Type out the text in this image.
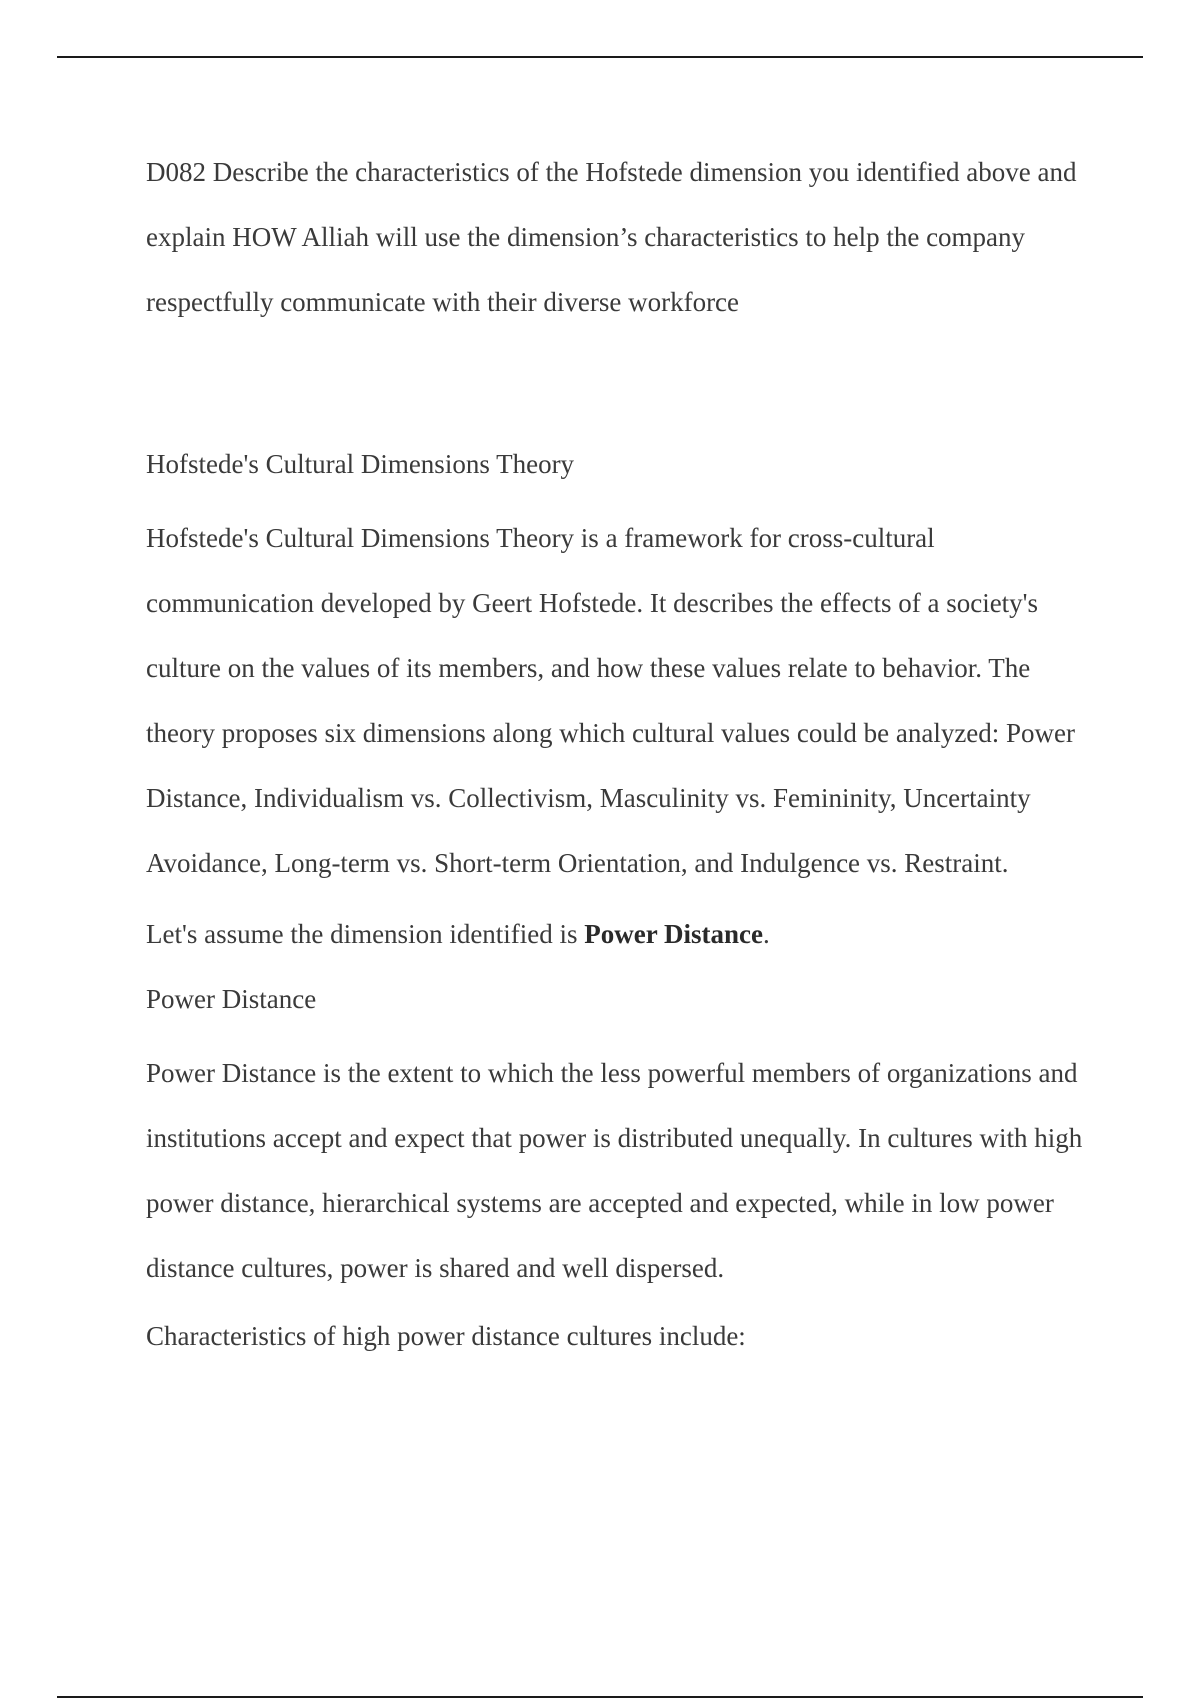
D082 Describe the characteristics of the Hofstede dimension you identified above and explain HOW Alliah will use the dimension’s characteristics to help the company respectfully communicate with their diverse workforce

Hofstede's Cultural Dimensions Theory

Hofstede's Cultural Dimensions Theory is a framework for cross-cultural communication developed by Geert Hofstede. It describes the effects of a society's culture on the values of its members, and how these values relate to behavior. The theory proposes six dimensions along which cultural values could be analyzed: Power Distance, Individualism vs. Collectivism, Masculinity vs. Femininity, Uncertainty Avoidance, Long-term vs. Short-term Orientation, and Indulgence vs. Restraint.

Let's assume the dimension identified is Power Distance.

Power Distance

Power Distance is the extent to which the less powerful members of organizations and institutions accept and expect that power is distributed unequally. In cultures with high power distance, hierarchical systems are accepted and expected, while in low power distance cultures, power is shared and well dispersed.

Characteristics of high power distance cultures include:
